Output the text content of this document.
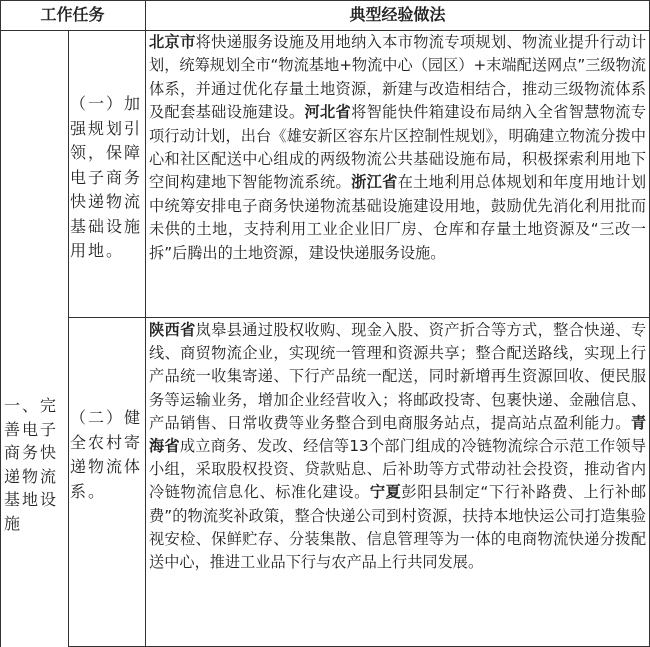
工作任务	典型经验做法
一、完善电子商务快递物流基地设施
（一）加强规划引领，保障电子商务快递物流基础设施用地。
北京市将快递服务设施及用地纳入本市物流专项规划、物流业提升行动计划，统筹规划全市“物流基地+物流中心（园区）+末端配送网点”三级物流体系，并通过优化存量土地资源，新建与改造相结合，推动三级物流体系及配套基础设施建设。河北省将智能快件箱建设布局纳入全省智慧物流专项行动计划，出台《雄安新区容东片区控制性规划》，明确建立物流分拨中心和社区配送中心组成的两级物流公共基础设施布局，积极探索利用地下空间构建地下智能物流系统。浙江省在土地利用总体规划和年度用地计划中统筹安排电子商务快递物流基础设施建设用地，鼓励优先消化利用批而未供的土地，支持利用工业企业旧厂房、仓库和存量土地资源及“三改一拆”后腾出的土地资源，建设快递服务设施。
（二）健全农村寄递物流体系。
陕西省岚皋县通过股权收购、现金入股、资产折合等方式，整合快递、专线、商贸物流企业，实现统一管理和资源共享；整合配送路线，实现上行产品统一收集寄递、下行产品统一配送，同时新增再生资源回收、便民服务等运输业务，增加企业经营收入；将邮政投寄、包裹快递、金融信息、产品销售、日常收费等业务整合到电商服务站点，提高站点盈利能力。青海省成立商务、发改、经信等13个部门组成的冷链物流综合示范工作领导小组，采取股权投资、贷款贴息、后补助等方式带动社会投资，推动省内冷链物流信息化、标准化建设。宁夏彭阳县制定“下行补路费、上行补邮费”的物流奖补政策，整合快递公司到村资源，扶持本地快运公司打造集验视安检、保鲜贮存、分装集散、信息管理等为一体的电商物流快递分拨配送中心，推进工业品下行与农产品上行共同发展。
